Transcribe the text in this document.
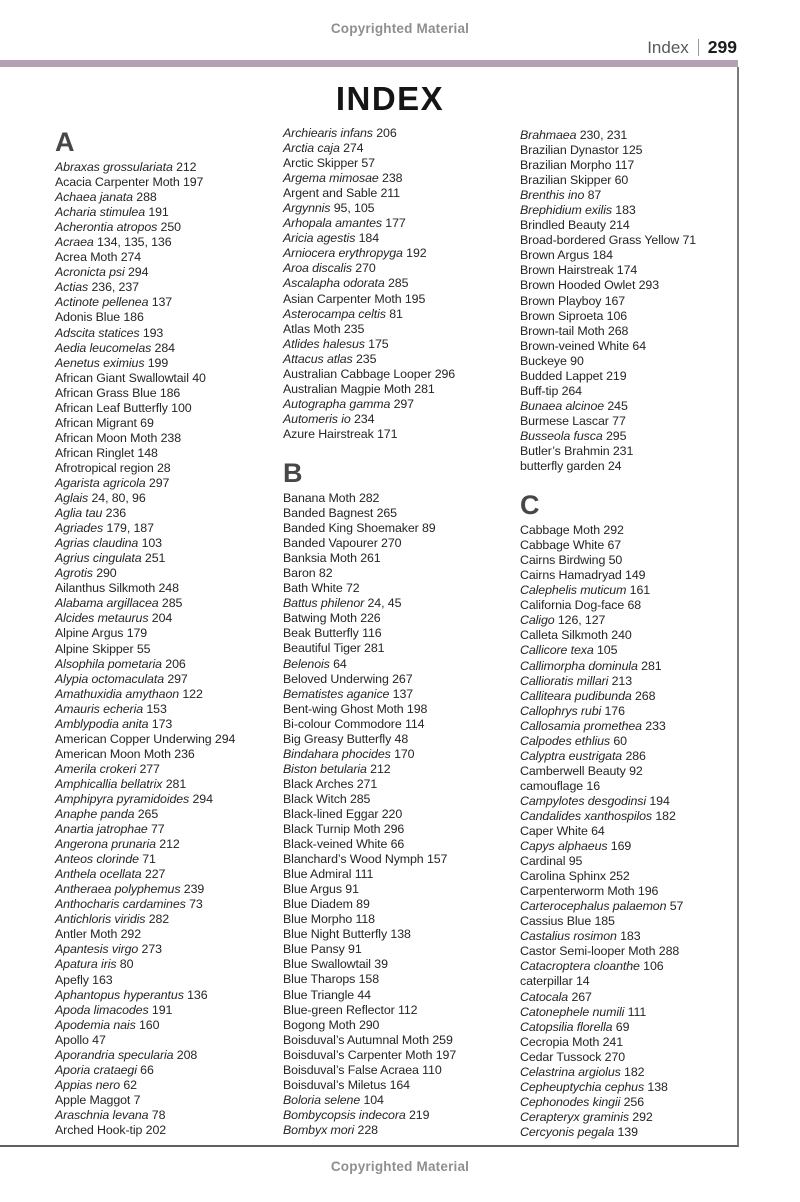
Copyrighted Material
Index 299
INDEX
A
Abraxas grossulariata 212
Acacia Carpenter Moth 197
Achaea janata 288
Acharia stimulea 191
Acherontia atropos 250
Acraea 134, 135, 136
Acrea Moth 274
Acronicta psi 294
Actias 236, 237
Actinote pellenea 137
Adonis Blue 186
Adscita statices 193
Aedia leucomelas 284
Aenetus eximius 199
African Giant Swallowtail 40
African Grass Blue 186
African Leaf Butterfly 100
African Migrant 69
African Moon Moth 238
African Ringlet 148
Afrotropical region 28
Agarista agricola 297
Aglais 24, 80, 96
Aglia tau 236
Agriades 179, 187
Agrias claudina 103
Agrius cingulata 251
Agrotis 290
Ailanthus Silkmoth 248
Alabama argillacea 285
Alcides metaurus 204
Alpine Argus 179
Alpine Skipper 55
Alsophila pometaria 206
Alypia octomaculata 297
Amathuxidia amythaon 122
Amauris echeria 153
Amblypodia anita 173
American Copper Underwing 294
American Moon Moth 236
Amerila crokeri 277
Amphicallia bellatrix 281
Amphipyra pyramidoides 294
Anaphe panda 265
Anartia jatrophae 77
Angerona prunaria 212
Anteos clorinde 71
Anthela ocellata 227
Antheraea polyphemus 239
Anthocharis cardamines 73
Antichloris viridis 282
Antler Moth 292
Apantesis virgo 273
Apatura iris 80
Apefly 163
Aphantopus hyperantus 136
Apoda limacodes 191
Apodemia nais 160
Apollo 47
Aporandria specularia 208
Aporia crataegi 66
Appias nero 62
Apple Maggot 7
Araschnia levana 78
Arched Hook-tip 202
Archiearis infans 206
Arctia caja 274
Arctic Skipper 57
Argema mimosae 238
Argent and Sable 211
Argynnis 95, 105
Arhopala amantes 177
Aricia agestis 184
Arniocera erythropyga 192
Aroa discalis 270
Ascalapha odorata 285
Asian Carpenter Moth 195
Asterocampa celtis 81
Atlas Moth 235
Atlides halesus 175
Attacus atlas 235
Australian Cabbage Looper 296
Australian Magpie Moth 281
Autographa gamma 297
Automeris io 234
Azure Hairstreak 171
B
Banana Moth 282
Banded Bagnest 265
Banded King Shoemaker 89
Banded Vapourer 270
Banksia Moth 261
Baron 82
Bath White 72
Battus philenor 24, 45
Batwing Moth 226
Beak Butterfly 116
Beautiful Tiger 281
Belenois 64
Beloved Underwing 267
Bematistes aganice 137
Bent-wing Ghost Moth 198
Bi-colour Commodore 114
Big Greasy Butterfly 48
Bindahara phocides 170
Biston betularia 212
Black Arches 271
Black Witch 285
Black-lined Eggar 220
Black Turnip Moth 296
Black-veined White 66
Blanchard’s Wood Nymph 157
Blue Admiral 111
Blue Argus 91
Blue Diadem 89
Blue Morpho 118
Blue Night Butterfly 138
Blue Pansy 91
Blue Swallowtail 39
Blue Tharops 158
Blue Triangle 44
Blue-green Reflector 112
Bogong Moth 290
Boisduval’s Autumnal Moth 259
Boisduval’s Carpenter Moth 197
Boisduval’s False Acraea 110
Boisduval’s Miletus 164
Boloria selene 104
Bombycopsis indecora 219
Bombyx mori 228
Brahmaea 230, 231
Brazilian Dynastor 125
Brazilian Morpho 117
Brazilian Skipper 60
Brenthis ino 87
Brephidium exilis 183
Brindled Beauty 214
Broad-bordered Grass Yellow 71
Brown Argus 184
Brown Hairstreak 174
Brown Hooded Owlet 293
Brown Playboy 167
Brown Siproeta 106
Brown-tail Moth 268
Brown-veined White 64
Buckeye 90
Budded Lappet 219
Buff-tip 264
Bunaea alcinoe 245
Burmese Lascar 77
Busseola fusca 295
Butler’s Brahmin 231
butterfly garden 24
C
Cabbage Moth 292
Cabbage White 67
Cairns Birdwing 50
Cairns Hamadryad 149
Calephelis muticum 161
California Dog-face 68
Caligo 126, 127
Calleta Silkmoth 240
Callicore texa 105
Callimorpha dominula 281
Callioratis millari 213
Calliteara pudibunda 268
Callophrys rubi 176
Callosamia promethea 233
Calpodes ethlius 60
Calyptra eustrigata 286
Camberwell Beauty 92
camouflage 16
Campylotes desgodinsi 194
Candalides xanthospilos 182
Caper White 64
Capys alphaeus 169
Cardinal 95
Carolina Sphinx 252
Carpenterworm Moth 196
Carterocephalus palaemon 57
Cassius Blue 185
Castalius rosimon 183
Castor Semi-looper Moth 288
Catacroptera cloanthe 106
caterpillar 14
Catocala 267
Catonephele numili 111
Catopsilia florella 69
Cecropia Moth 241
Cedar Tussock 270
Celastrina argiolus 182
Cepheuptychia cephus 138
Cephonodes kingii 256
Cerapteryx graminis 292
Cercyonis pegala 139
Copyrighted Material
